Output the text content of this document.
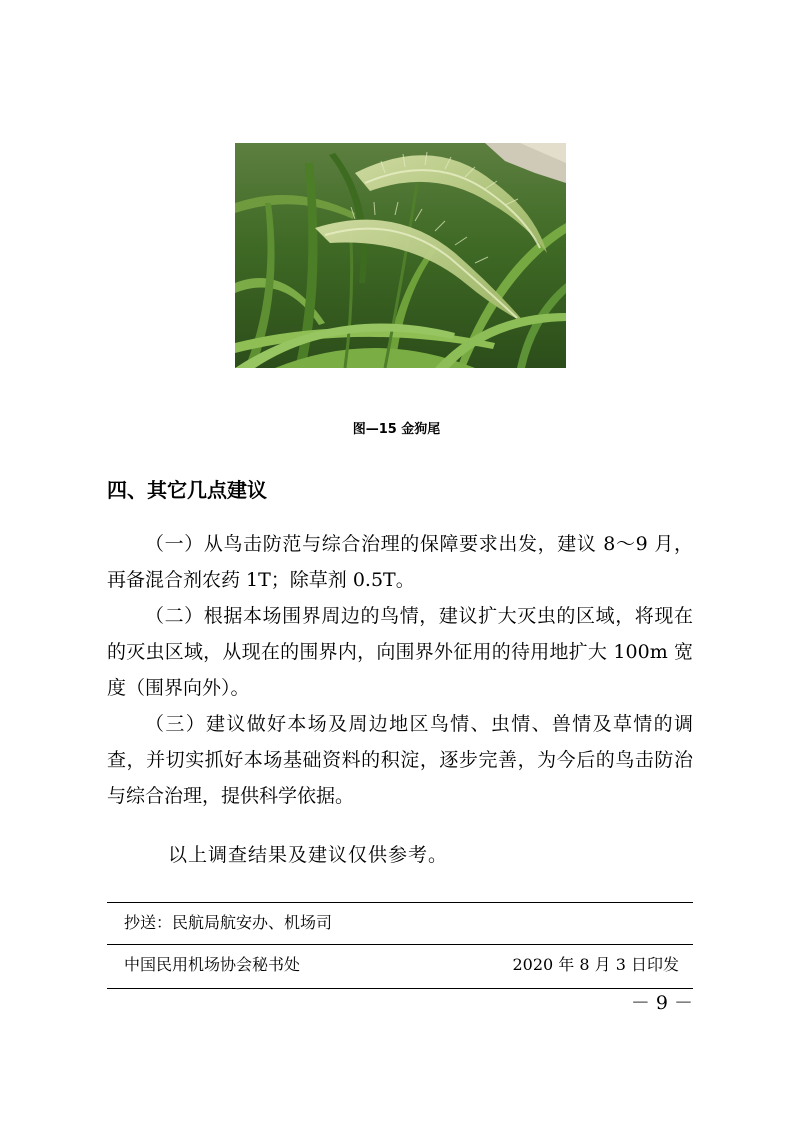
图—15 金狗尾
四、其它几点建议

（一）从鸟击防范与综合治理的保障要求出发，建议 8～9 月，再备混合剂农药 1T；除草剂 0.5T。

（二）根据本场围界周边的鸟情，建议扩大灭虫的区域，将现在的灭虫区域，从现在的围界内，向围界外征用的待用地扩大 100m 宽度（围界向外）。

（三）建议做好本场及周边地区鸟情、虫情、兽情及草情的调查，并切实抓好本场基础资料的积淀，逐步完善，为今后的鸟击防治与综合治理，提供科学依据。

以上调查结果及建议仅供参考。
抄送：民航局航安办、机场司
中国民用机场协会秘书处	2020 年 8 月 3 日印发
－ 9 －
